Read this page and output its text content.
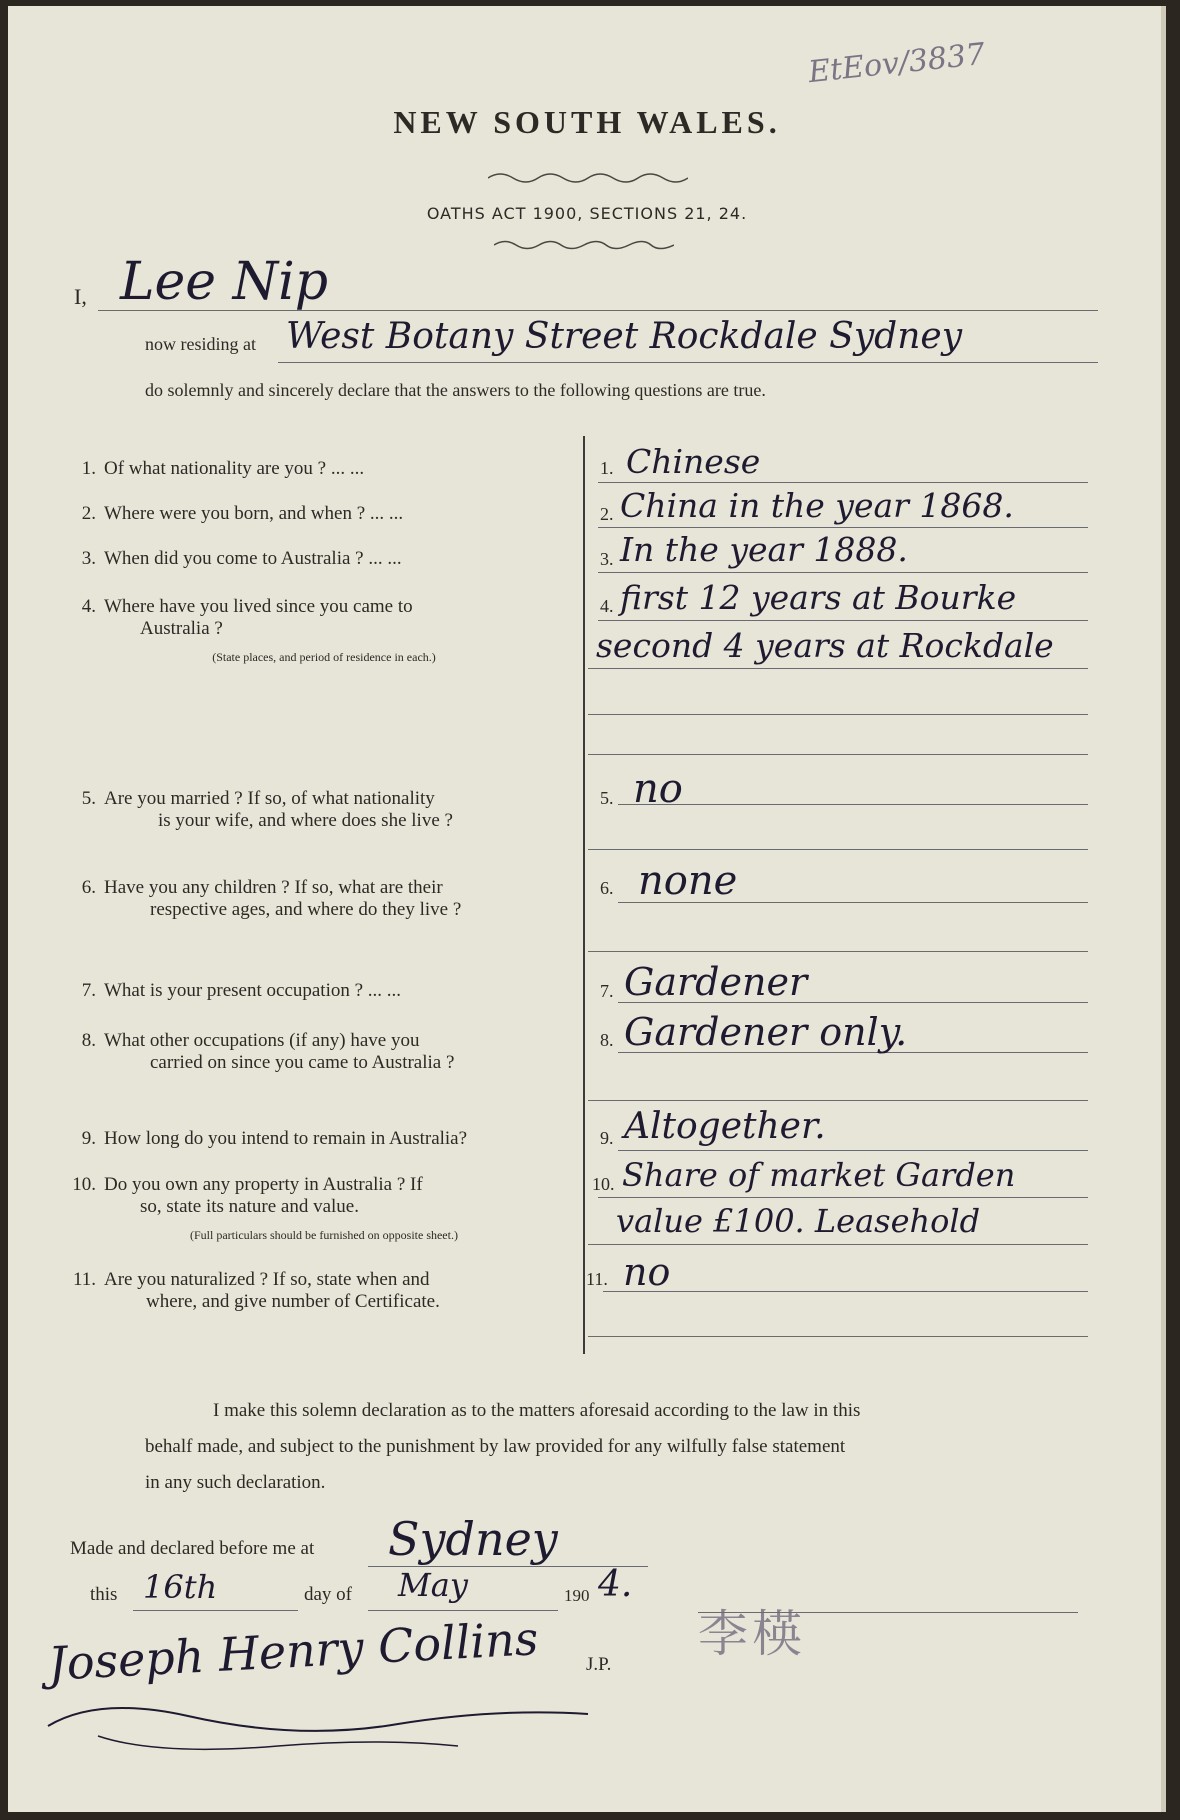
EtEov/3837
NEW SOUTH WALES.
OATHS ACT 1900, SECTIONS 21, 24.
I, Lee Nip
now residing at West Botany Street Rockdale Sydney
do solemnly and sincerely declare that the answers to the following questions are true.
1. Of what nationality are you ? ... ...
2. Where were you born, and when ? ... ...
3. When did you come to Australia ? ... ...
4. Where have you lived since you came to
Australia ?
(State places, and period of residence in each.)
5. Are you married ? If so, of what nationality
is your wife, and where does she live ?
6. Have you any children ? If so, what are their
respective ages, and where do they live ?
7. What is your present occupation ? ... ...
8. What other occupations (if any) have you
carried on since you came to Australia ?
9. How long do you intend to remain in Australia?
10. Do you own any property in Australia ? If
so, state its nature and value.
(Full particulars should be furnished on opposite sheet.)
11. Are you naturalized ? If so, state when and
where, and give number of Certificate.
1. Chinese
2. China in the year 1868.
3. In the year 1888.
4. first 12 years at Bourke
second 4 years at Rockdale
5. no
6. none
7. Gardener
8. Gardener only.
9. Altogether.
10. Share of market Garden
value £100. Leasehold
11. no
I make this solemn declaration as to the matters aforesaid according to the law in this
behalf made, and subject to the punishment by law provided for any wilfully false statement
in any such declaration.
Made and declared before me at Sydney
this 16th	day of May	190 4.
Joseph Henry Collins J.P.
李楧
